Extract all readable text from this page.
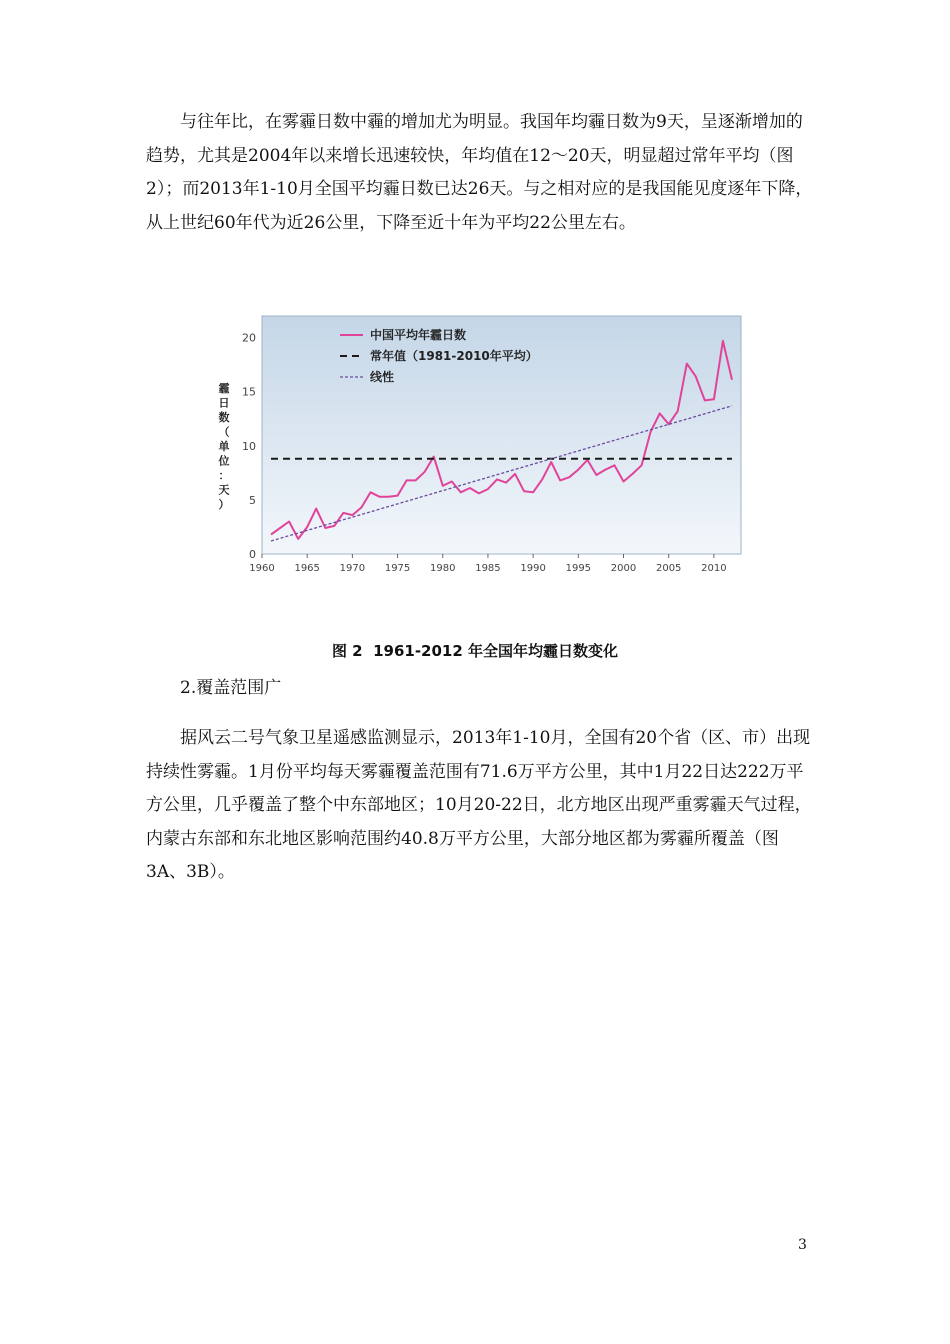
与往年比，在雾霾日数中霾的增加尤为明显。我国年均霾日数为9天，呈逐渐增加的趋势，尤其是2004年以来增长迅速较快，年均值在12～20天，明显超过常年平均（图2）；而2013年1-10月全国平均霾日数已达26天。与之相对应的是我国能见度逐年下降，从上世纪60年代为近26公里，下降至近十年为平均22公里左右。

0
5
10
15
20
1960 1965 1970 1975 1980 1985 1990 1995 2000 2005 2010
中国平均年霾日数
常年值（1981-2010年平均）
线性
霾日数（单位：天）
图 2 1961-2012 年全国年均霾日数变化
2.覆盖范围广

据风云二号气象卫星遥感监测显示，2013年1-10月，全国有20个省（区、市）出现持续性雾霾。1月份平均每天雾霾覆盖范围有71.6万平方公里，其中1月22日达222万平方公里，几乎覆盖了整个中东部地区；10月20-22日，北方地区出现严重雾霾天气过程，内蒙古东部和东北地区影响范围约40.8万平方公里，大部分地区都为雾霾所覆盖（图3A、3B）。

3
